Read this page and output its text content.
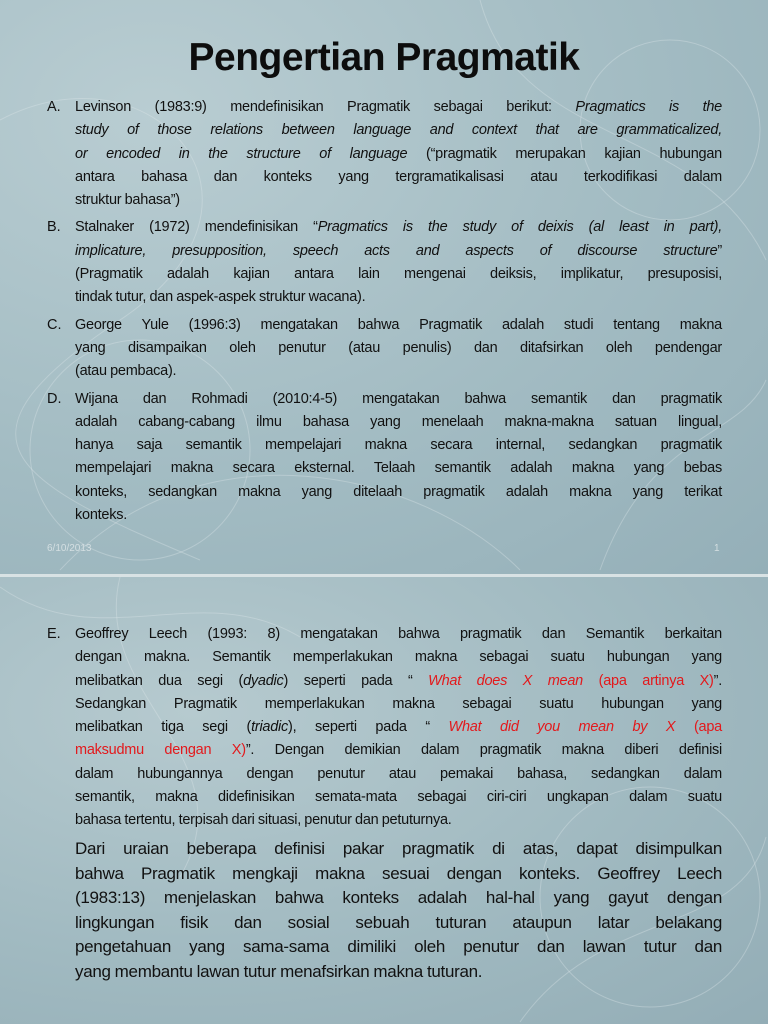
Pengertian Pragmatik
A. Levinson (1983:9) mendefinisikan Pragmatik sebagai berikut: Pragmatics is the
study of those relations between language and context that are grammaticalized,
or encoded in the structure of language (“pragmatik merupakan kajian hubungan
antara bahasa dan konteks yang tergramatikalisasi atau terkodifikasi dalam
struktur bahasa”)
B. Stalnaker (1972) mendefinisikan “Pragmatics is the study of deixis (al least in part),
implicature, presupposition, speech acts and aspects of discourse structure”
(Pragmatik adalah kajian antara lain mengenai deiksis, implikatur, presuposisi,
tindak tutur, dan aspek-aspek struktur wacana).
C. George Yule (1996:3) mengatakan bahwa Pragmatik adalah studi tentang makna
yang disampaikan oleh penutur (atau penulis) dan ditafsirkan oleh pendengar
(atau pembaca).
D. Wijana dan Rohmadi (2010:4-5) mengatakan bahwa semantik dan pragmatik
adalah cabang-cabang ilmu bahasa yang menelaah makna-makna satuan lingual,
hanya saja semantik mempelajari makna secara internal, sedangkan pragmatik
mempelajari makna secara eksternal. Telaah semantik adalah makna yang bebas
konteks, sedangkan makna yang ditelaah pragmatik adalah makna yang terikat
konteks.
6/10/2013	1
E. Geoffrey Leech (1993: 8) mengatakan bahwa pragmatik dan Semantik berkaitan
dengan makna. Semantik memperlakukan makna sebagai suatu hubungan yang
melibatkan dua segi (dyadic) seperti pada “ What does X mean (apa artinya X)”.
Sedangkan Pragmatik memperlakukan makna sebagai suatu hubungan yang
melibatkan tiga segi (triadic), seperti pada “ What did you mean by X (apa
maksudmu dengan X)”. Dengan demikian dalam pragmatik makna diberi definisi
dalam hubungannya dengan penutur atau pemakai bahasa, sedangkan dalam
semantik, makna didefinisikan semata-mata sebagai ciri-ciri ungkapan dalam suatu
bahasa tertentu, terpisah dari situasi, penutur dan petuturnya.
Dari uraian beberapa definisi pakar pragmatik di atas, dapat disimpulkan
bahwa Pragmatik mengkaji makna sesuai dengan konteks. Geoffrey Leech
(1983:13) menjelaskan bahwa konteks adalah hal-hal yang gayut dengan
lingkungan fisik dan sosial sebuah tuturan ataupun latar belakang
pengetahuan yang sama-sama dimiliki oleh penutur dan lawan tutur dan
yang membantu lawan tutur menafsirkan makna tuturan.
